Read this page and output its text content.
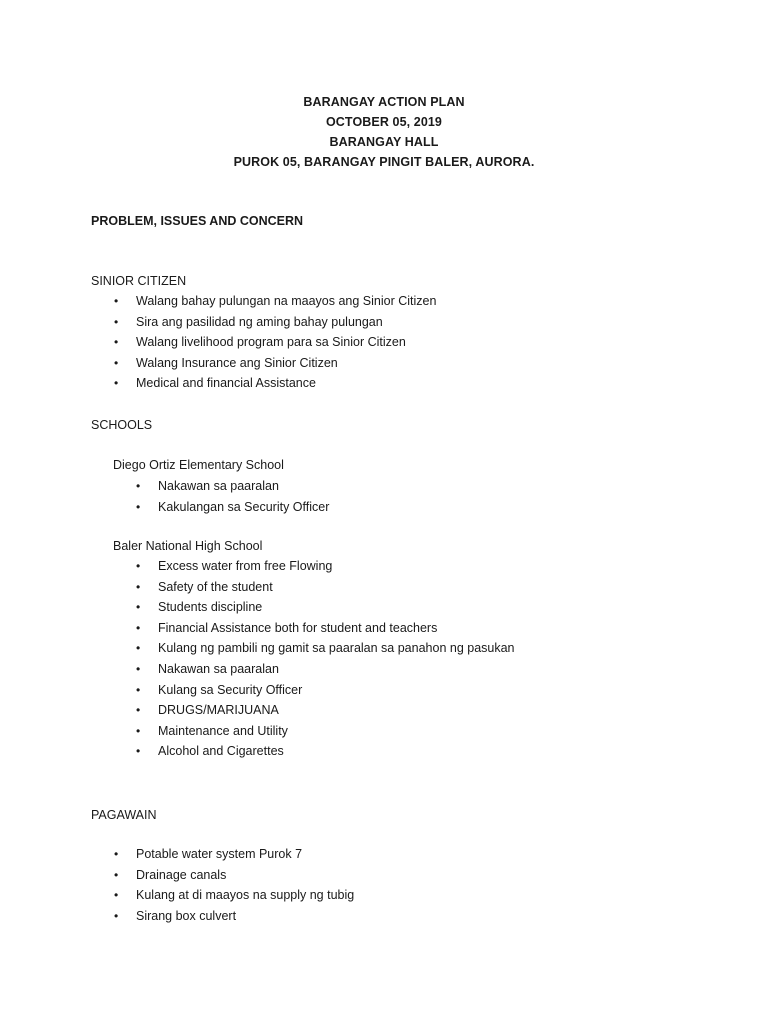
BARANGAY ACTION PLAN
OCTOBER 05, 2019
BARANGAY HALL
PUROK 05, BARANGAY PINGIT BALER, AURORA.
PROBLEM, ISSUES AND CONCERN
SINIOR CITIZEN
• Walang bahay pulungan na maayos ang Sinior Citizen
• Sira ang pasilidad ng aming bahay pulungan
• Walang livelihood program para sa Sinior Citizen
• Walang Insurance ang Sinior Citizen
• Medical and financial Assistance
SCHOOLS
Diego Ortiz Elementary School
• Nakawan sa paaralan
• Kakulangan sa Security Officer
Baler National High School
• Excess water from free Flowing
• Safety of the student
• Students discipline
• Financial Assistance both for student and teachers
• Kulang ng pambili ng gamit sa paaralan sa panahon ng pasukan
• Nakawan sa paaralan
• Kulang sa Security Officer
• DRUGS/MARIJUANA
• Maintenance and Utility
• Alcohol and Cigarettes
PAGAWAIN
• Potable water system Purok 7
• Drainage canals
• Kulang at di maayos na supply ng tubig
• Sirang box culvert
